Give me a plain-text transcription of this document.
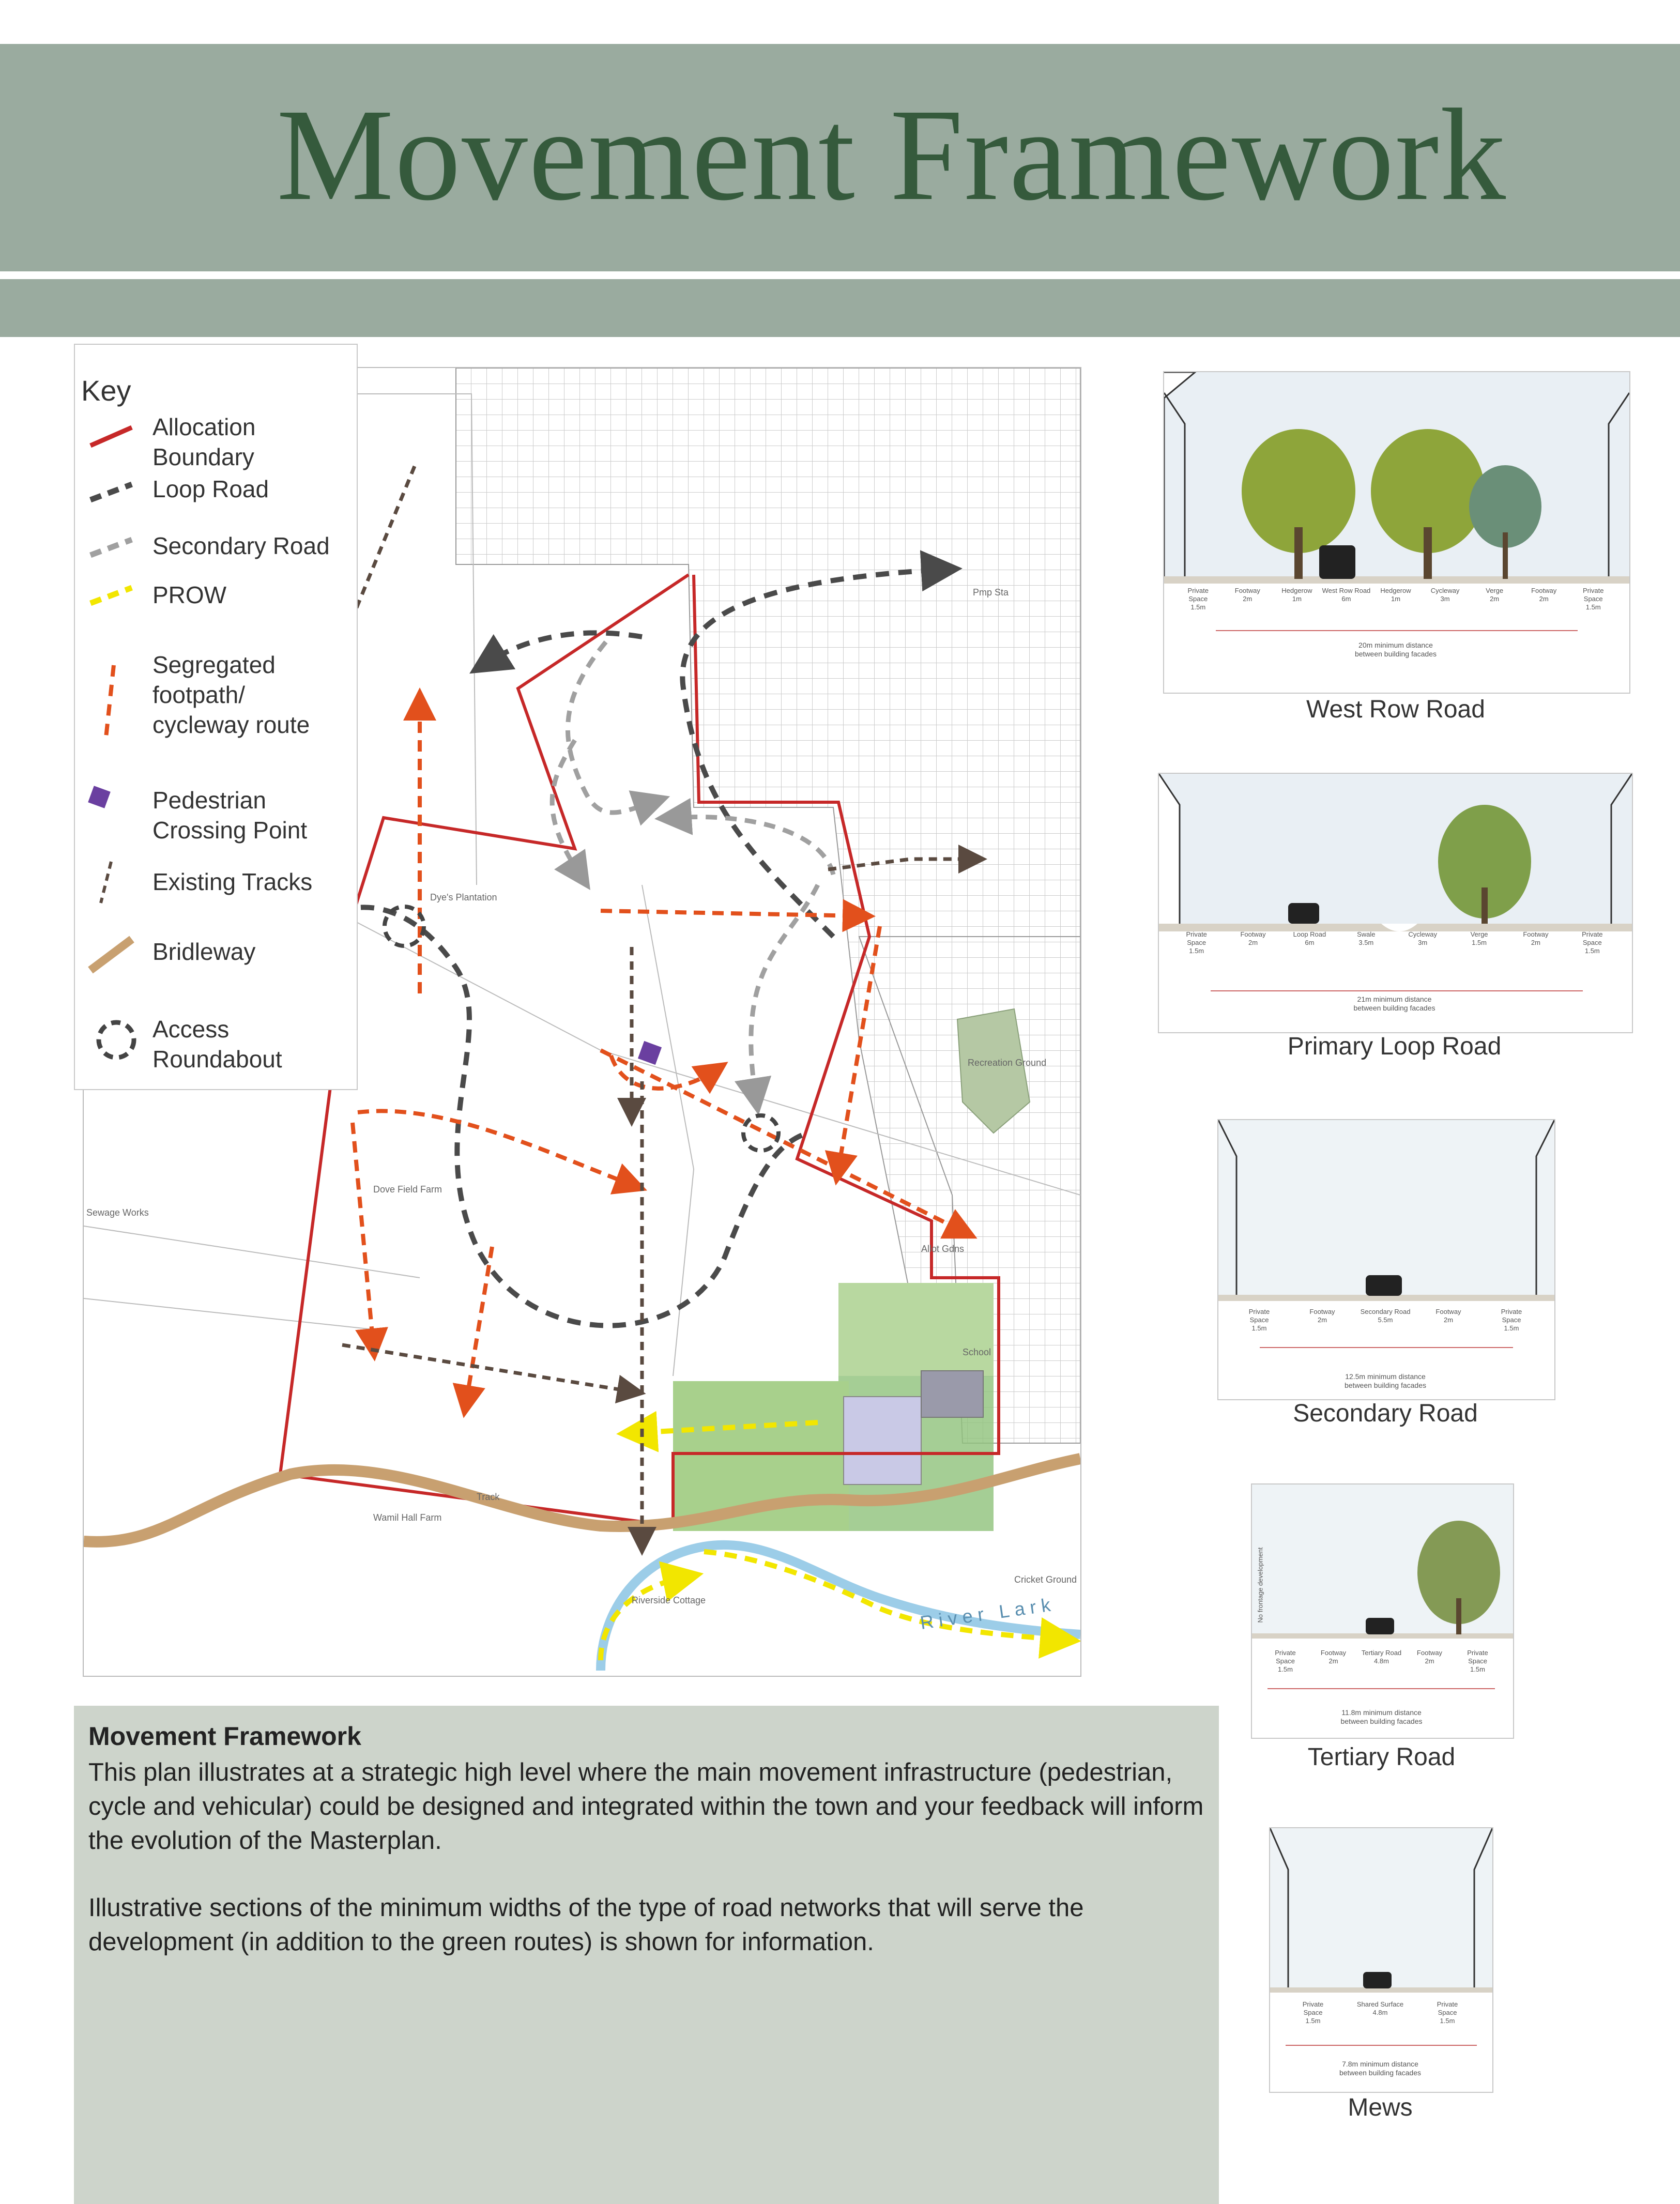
Movement Framework
Dye's Plantation
Dove Field Farm
Sewage Works
Wamil Hall Farm
Recreation Ground
Allot Gdns
Riverside Cottage
Cricket Ground
School
Pmp Sta
Track
River Lark
Key
Allocation
Boundary
Loop Road
Secondary Road
PROW
Segregated
footpath/
cycleway route
Pedestrian
Crossing Point
Existing Tracks
Bridleway
Access
Roundabout
Movement Framework
This plan illustrates at a strategic high level where the main movement infrastructure (pedestrian, cycle and vehicular) could be designed and integrated within the town and your feedback will inform the evolution of the Masterplan.
Illustrative sections of the minimum widths of the type of road networks that will serve the development (in addition to the green routes) is shown for information.
West Row Road
Primary Loop Road
Secondary Road
No frontage development
Tertiary Road
Mews
Private
Space
1.5m
Footway
2m
Hedgerow
1m
West Row Road
6m
Hedgerow
1m
Cycleway
3m
Verge
2m
Footway
2m
Private
Space
1.5m
20m minimum distance
between building facades
Private
Space
1.5m
Footway
2m
Loop Road
6m
Swale
3.5m
Cycleway
3m
Verge
1.5m
Footway
2m
Private
Space
1.5m
21m minimum distance
between building facades
Private
Space
1.5m
Footway
2m
Secondary Road
5.5m
Footway
2m
Private
Space
1.5m
12.5m minimum distance
between building facades
Private
Space
1.5m
Footway
2m
Tertiary Road
4.8m
Footway
2m
Private
Space
1.5m
11.8m minimum distance
between building facades
Private
Space
1.5m
Shared Surface
4.8m
Private
Space
1.5m
7.8m minimum distance
between building facades
